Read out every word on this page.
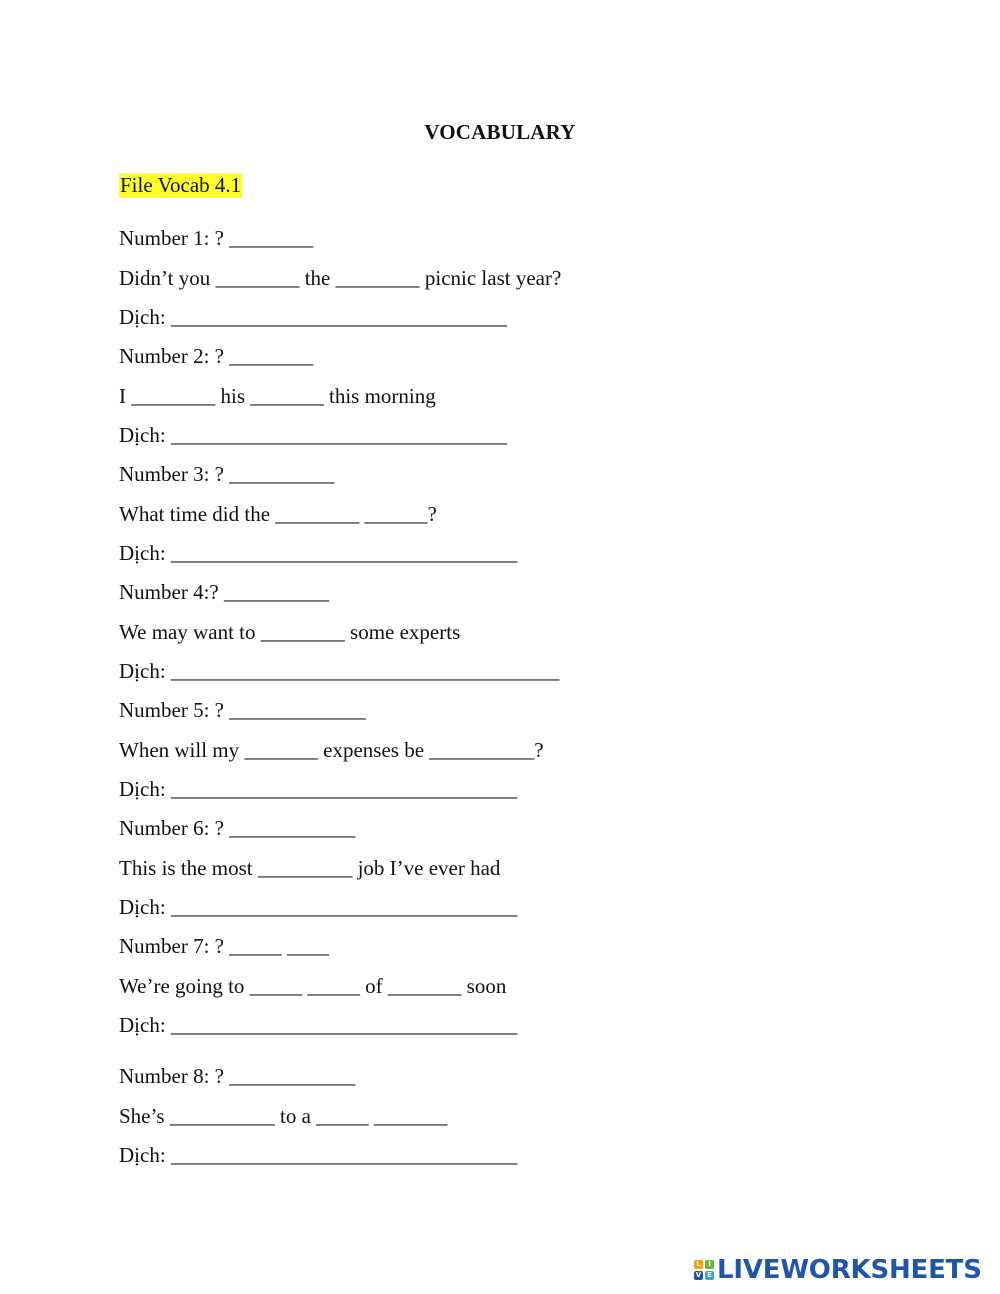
VOCABULARY
File Vocab 4.1
Number 1: ? ________
Didn’t you ________ the ________ picnic last year?
Dịch: ________________________________
Number 2: ? ________
I ________ his _______ this morning
Dịch: ________________________________
Number 3: ? __________
What time did the ________ ______?
Dịch: _________________________________
Number 4:? __________
We may want to ________ some experts
Dịch: _____________________________________
Number 5: ? _____________
When will my _______ expenses be __________?
Dịch: _________________________________
Number 6: ? ____________
This is the most _________ job I’ve ever had
Dịch: _________________________________
Number 7: ? _____ ____
We’re going to _____ _____ of _______ soon
Dịch: _________________________________
Number 8: ? ____________
She’s __________ to a _____ _______
Dịch: _________________________________
L	I
V E LIVEWORKSHEETS
